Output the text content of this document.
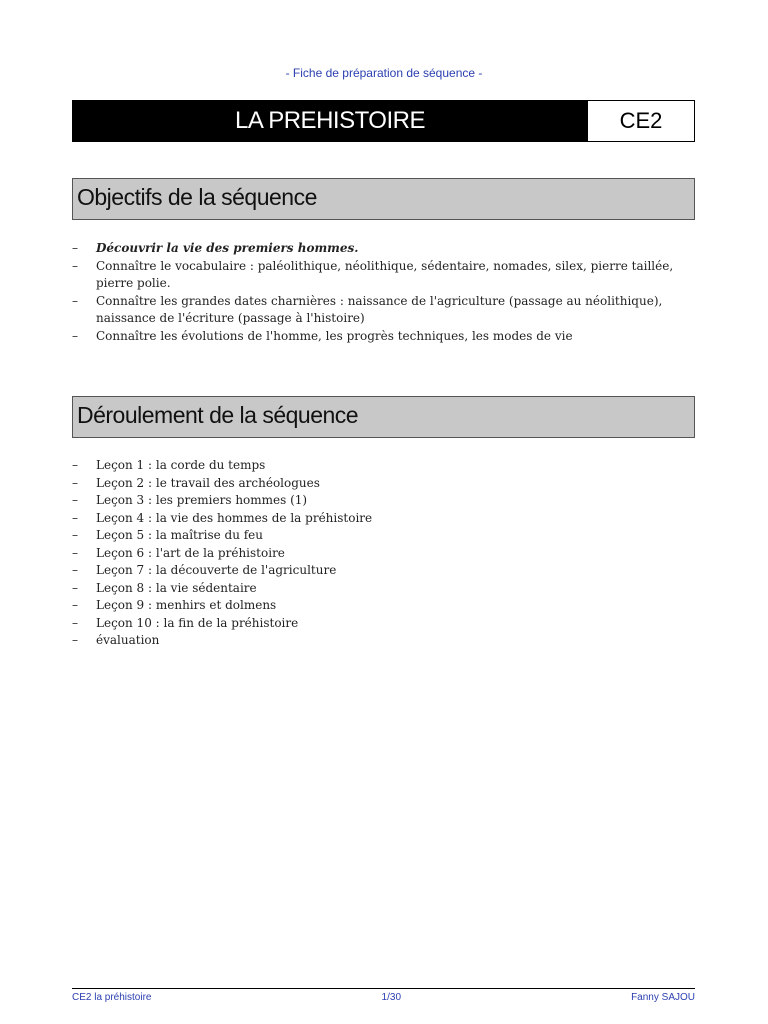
- Fiche de préparation de séquence -
LA PREHISTOIRE	CE2
Objectifs de la séquence
– Découvrir la vie des premiers hommes.
– Connaître le vocabulaire : paléolithique, néolithique, sédentaire, nomades, silex, pierre taillée, pierre polie.
– Connaître les grandes dates charnières : naissance de l'agriculture (passage au néolithique), naissance de l'écriture (passage à l'histoire)
– Connaître les évolutions de l'homme, les progrès techniques, les modes de vie
Déroulement de la séquence
– Leçon 1 : la corde du temps
– Leçon 2 : le travail des archéologues
– Leçon 3 : les premiers hommes (1)
– Leçon 4 : la vie des hommes de la préhistoire
– Leçon 5 : la maîtrise du feu
– Leçon 6 : l'art de la préhistoire
– Leçon 7 : la découverte de l'agriculture
– Leçon 8 : la vie sédentaire
– Leçon 9 : menhirs et dolmens
– Leçon 10 : la fin de la préhistoire
– évaluation
CE2 la préhistoire	1/30	Fanny SAJOU
